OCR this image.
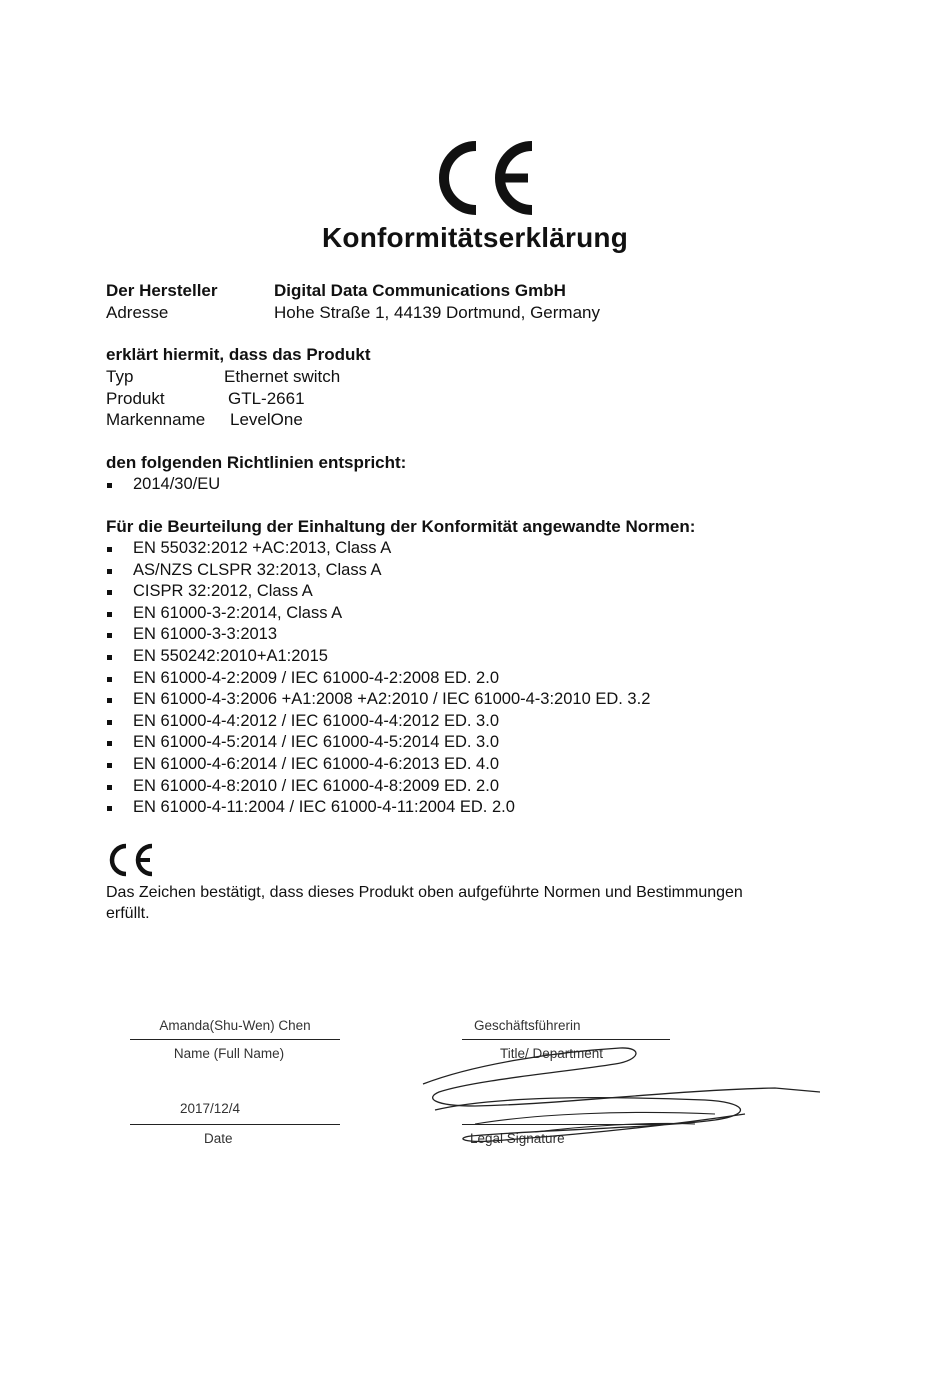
Konformitätserklärung
Der Hersteller	Digital Data Communications GmbH
Adresse	Hohe Straße 1, 44139 Dortmund, Germany
erklärt hiermit, dass das Produkt
Typ	Ethernet switch
Produkt	GTL-2661
Markenname LevelOne
den folgenden Richtlinien entspricht:
2014/30/EU
Für die Beurteilung der Einhaltung der Konformität angewandte Normen:
EN 55032:2012 +AC:2013, Class A
AS/NZS CLSPR 32:2013, Class A
CISPR 32:2012, Class A
EN 61000-3-2:2014, Class A
EN 61000-3-3:2013
EN 550242:2010+A1:2015
EN 61000-4-2:2009 / IEC 61000-4-2:2008 ED. 2.0
EN 61000-4-3:2006 +A1:2008 +A2:2010 / IEC 61000-4-3:2010 ED. 3.2
EN 61000-4-4:2012 / IEC 61000-4-4:2012 ED. 3.0
EN 61000-4-5:2014 / IEC 61000-4-5:2014 ED. 3.0
EN 61000-4-6:2014 / IEC 61000-4-6:2013 ED. 4.0
EN 61000-4-8:2010 / IEC 61000-4-8:2009 ED. 2.0
EN 61000-4-11:2004 / IEC 61000-4-11:2004 ED. 2.0
Das Zeichen bestätigt, dass dieses Produkt oben aufgeführte Normen und Bestimmungen
erfüllt.
Amanda(Shu-Wen) Chen
Name (Full Name)
2017/12/4
Date
Geschäftsführerin
Title/ Department
Legal Signature
